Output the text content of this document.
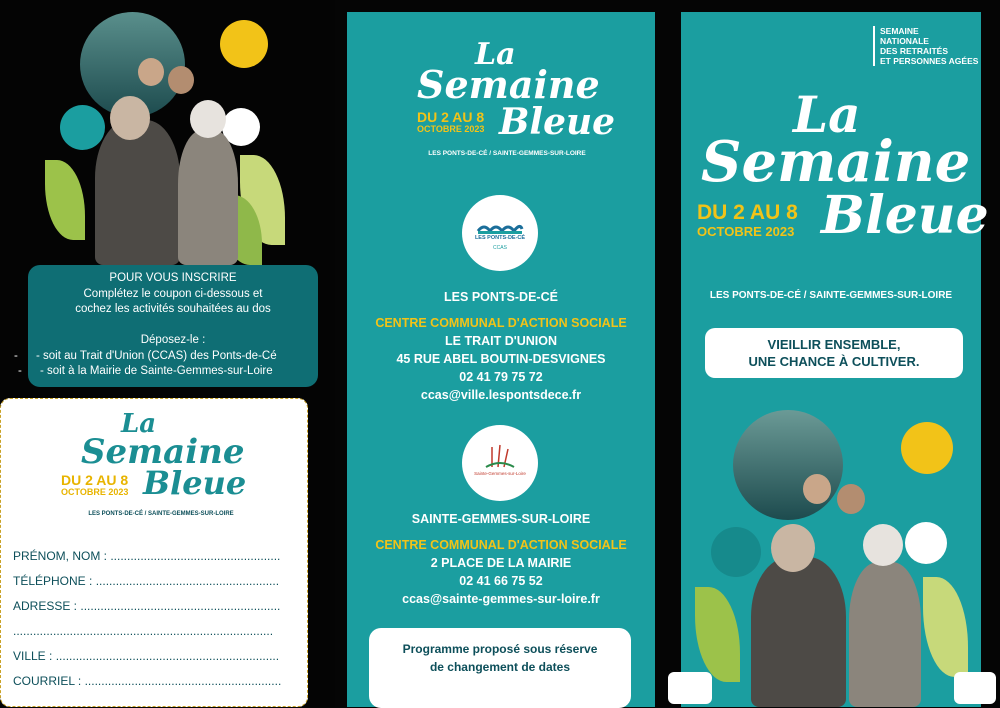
POUR VOUS INSCRIRE
Complétez le coupon ci-dessous et
cochez les activités souhaitées au dos
Déposez-le :
- - soit au Trait d'Union (CCAS) des Ponts-de-Cé
- - soit à la Mairie de Sainte-Gemmes-sur-Loire
La
Semaine
DU 2 AU 8
OCTOBRE 2023 Bleue
LES PONTS-DE-CÉ / SAINTE-GEMMES-SUR-LOIRE
PRÉNOM, NOM : ...................................................
TÉLÉPHONE : .......................................................
ADRESSE : ............................................................
..............................................................................
VILLE : ...................................................................
COURRIEL : ...........................................................
La
Semaine
DU 2 AU 8
OCTOBRE 2023 Bleue
LES PONTS-DE-CÉ / SAINTE-GEMMES-SUR-LOIRE
LES PONTS-DE-CÉ
CCAS
LES PONTS-DE-CÉ
CENTRE COMMUNAL D'ACTION SOCIALE
LE TRAIT D'UNION
45 RUE ABEL BOUTIN-DESVIGNES
02 41 79 75 72
ccas@ville.lespontsdece.fr
Sainte-Gemmes-sur-Loire
SAINTE-GEMMES-SUR-LOIRE
CENTRE COMMUNAL D'ACTION SOCIALE
2 PLACE DE LA MAIRIE
02 41 66 75 52
ccas@sainte-gemmes-sur-loire.fr
Programme proposé sous réserve
de changement de dates
SEMAINE
NATIONALE
DES RETRAITÉS
ET PERSONNES AGÉES
La
Semaine
DU 2 AU 8
OCTOBRE 2023 Bleue
LES PONTS-DE-CÉ / SAINTE-GEMMES-SUR-LOIRE
VIEILLIR ENSEMBLE,
UNE CHANCE À CULTIVER.
